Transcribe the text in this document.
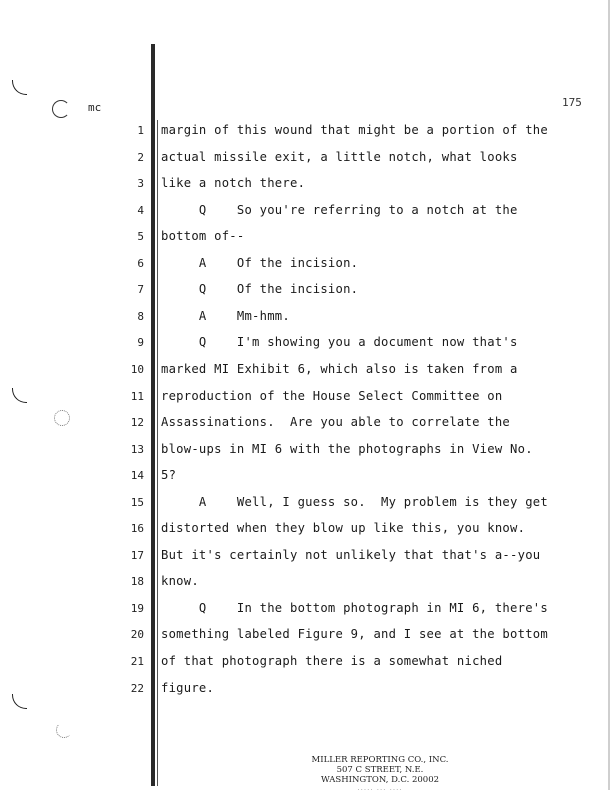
mc	175
1 margin of this wound that might be a portion of the
2 actual missile exit, a little notch, what looks
3 like a notch there.
4 Q    So you're referring to a notch at the
5 bottom of--
6 A    Of the incision.
7 Q    Of the incision.
8 A    Mm-hmm.
9 Q    I'm showing you a document now that's
10 marked MI Exhibit 6, which also is taken from a
11 reproduction of the House Select Committee on
12 Assassinations.  Are you able to correlate the
13 blow-ups in MI 6 with the photographs in View No.
14 5?
15 A    Well, I guess so.  My problem is they get
16 distorted when they blow up like this, you know.
17 But it's certainly not unlikely that that's a--you
18 know.
19 Q    In the bottom photograph in MI 6, there's
20 something labeled Figure 9, and I see at the bottom
21 of that photograph there is a somewhat niched
22 figure.
MILLER REPORTING CO., INC.
507 C STREET, N.E.
WASHINGTON, D.C. 20002
····· ··· ····
